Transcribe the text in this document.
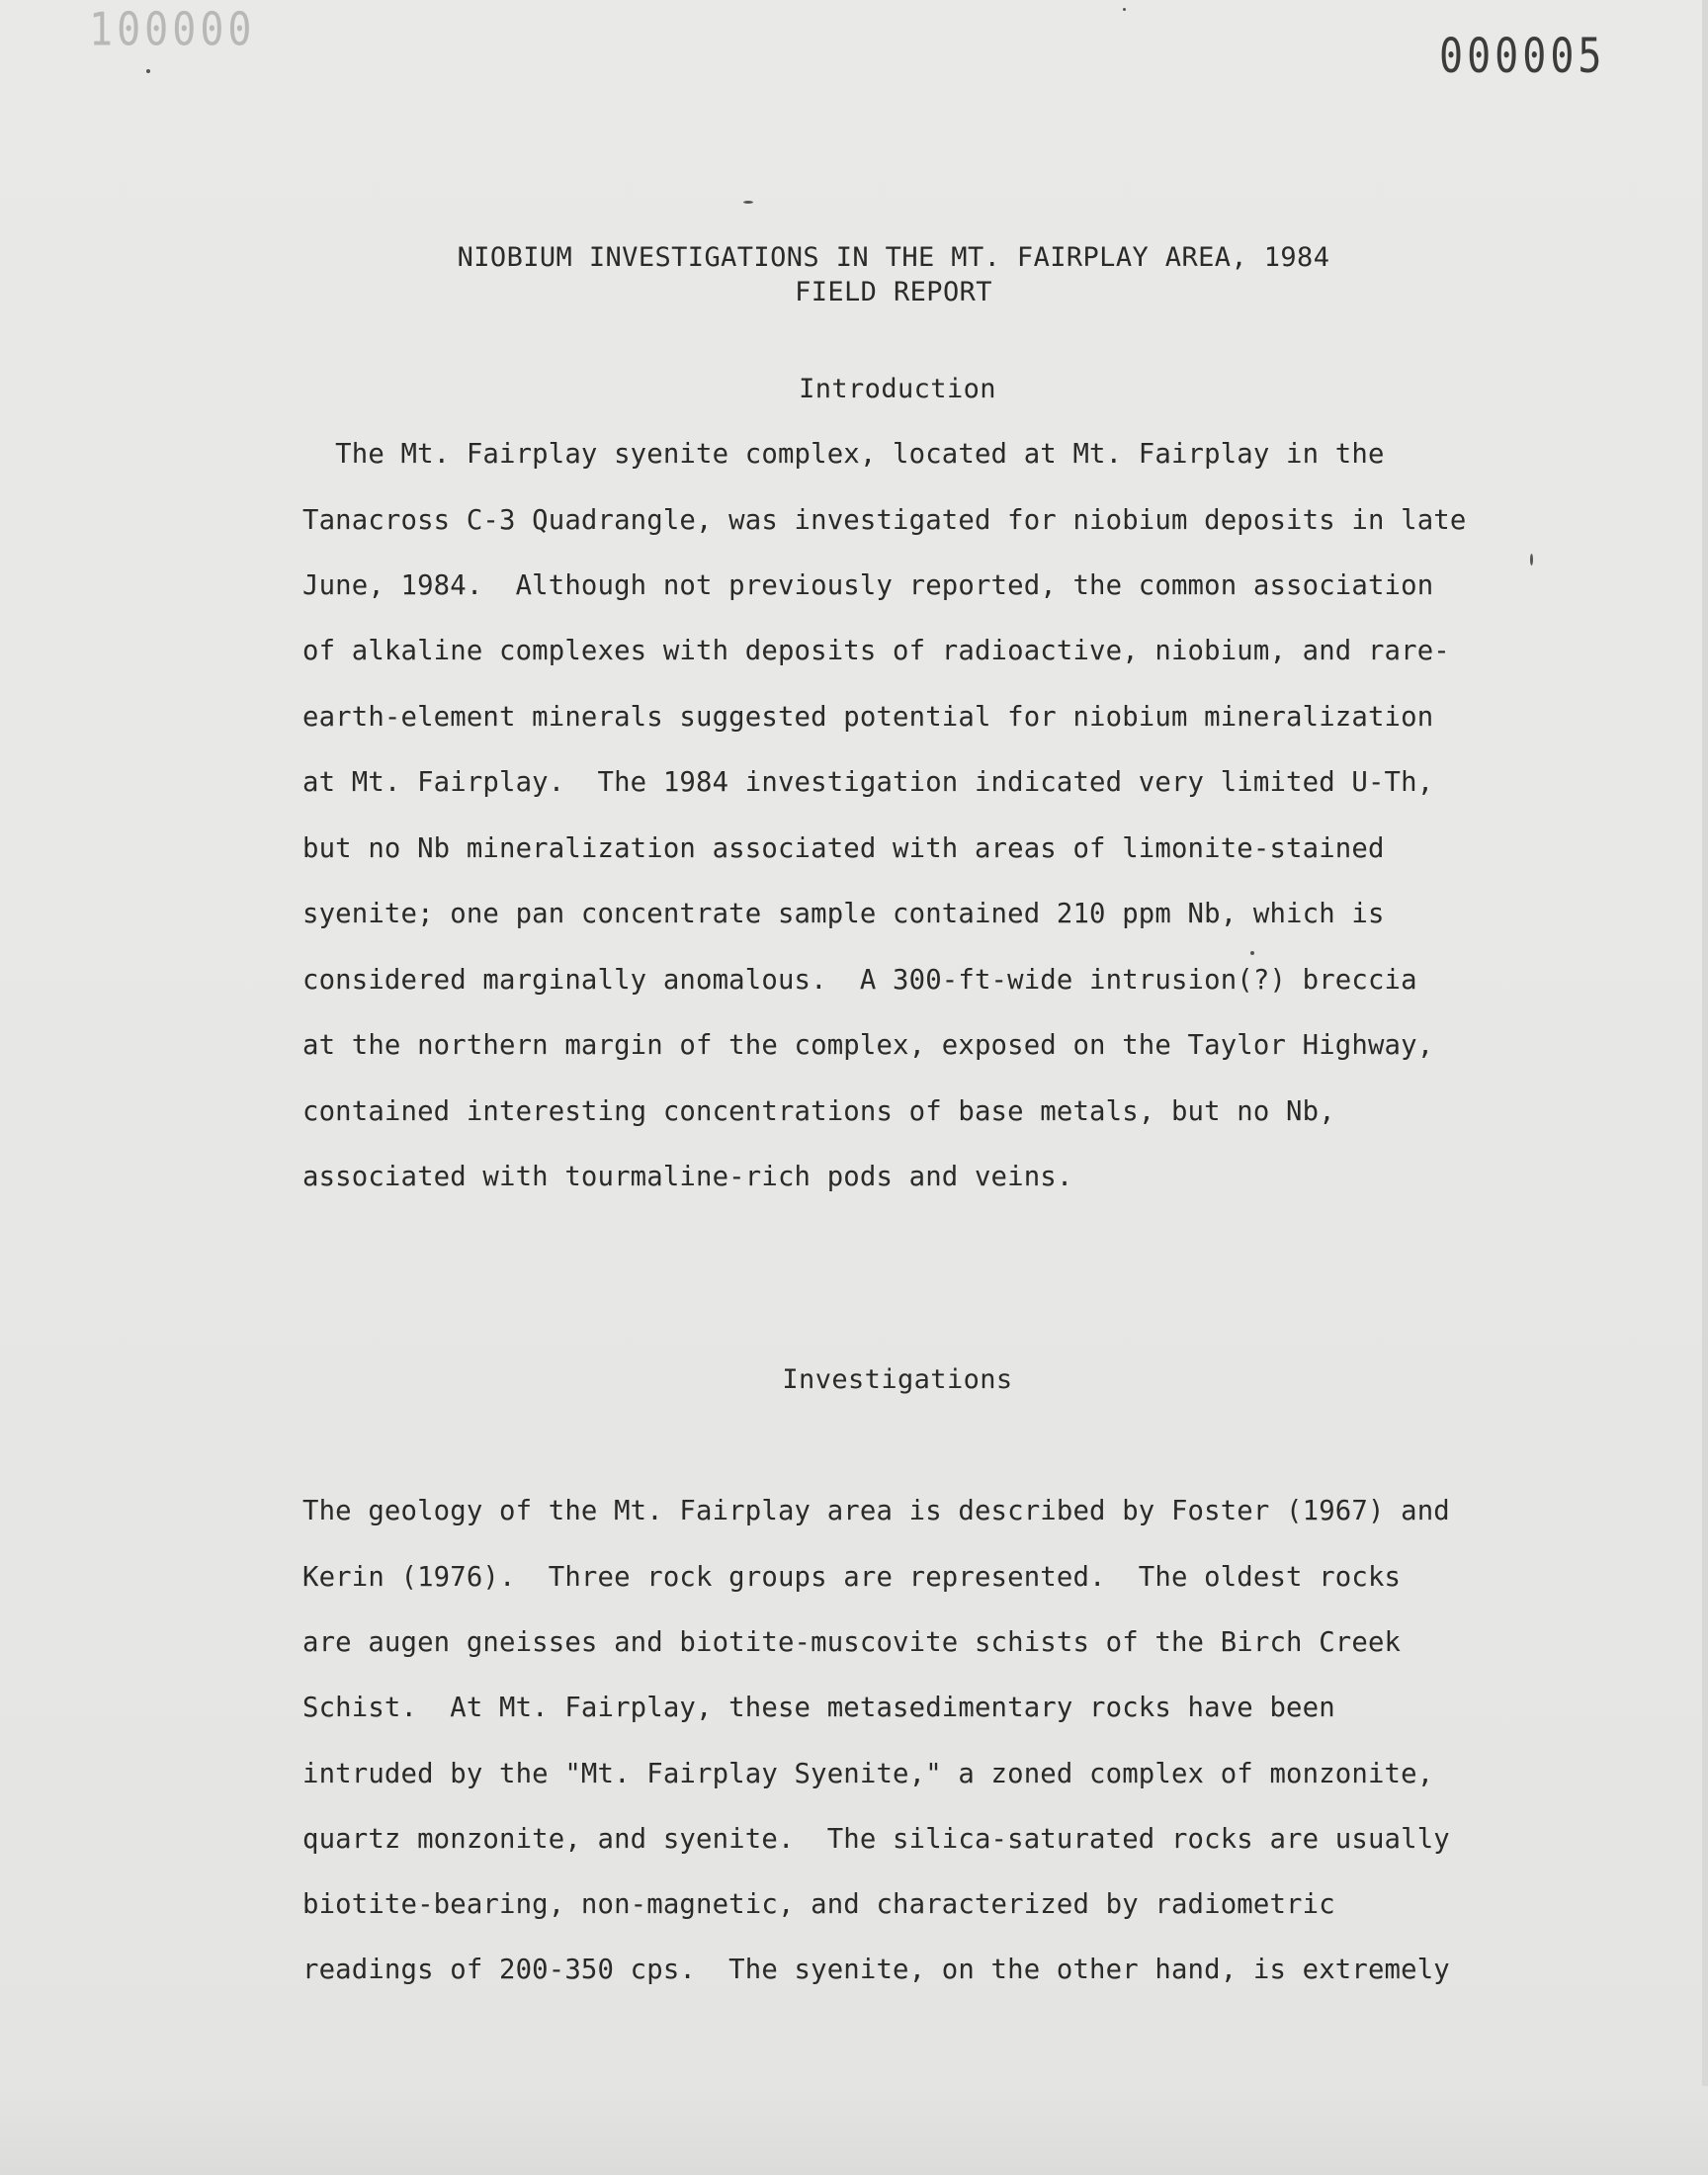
100000	000005
NIOBIUM INVESTIGATIONS IN THE MT. FAIRPLAY AREA, 1984
FIELD REPORT
Introduction
The Mt. Fairplay syenite complex, located at Mt. Fairplay in the
Tanacross C-3 Quadrangle, was investigated for niobium deposits in late
June, 1984.  Although not previously reported, the common association
of alkaline complexes with deposits of radioactive, niobium, and rare-
earth-element minerals suggested potential for niobium mineralization
at Mt. Fairplay.  The 1984 investigation indicated very limited U-Th,
but no Nb mineralization associated with areas of limonite-stained
syenite; one pan concentrate sample contained 210 ppm Nb, which is
considered marginally anomalous.  A 300-ft-wide intrusion(?) breccia
at the northern margin of the complex, exposed on the Taylor Highway,
contained interesting concentrations of base metals, but no Nb,
associated with tourmaline-rich pods and veins.
Investigations
The geology of the Mt. Fairplay area is described by Foster (1967) and
Kerin (1976).  Three rock groups are represented.  The oldest rocks
are augen gneisses and biotite-muscovite schists of the Birch Creek
Schist.  At Mt. Fairplay, these metasedimentary rocks have been
intruded by the "Mt. Fairplay Syenite," a zoned complex of monzonite,
quartz monzonite, and syenite.  The silica-saturated rocks are usually
biotite-bearing, non-magnetic, and characterized by radiometric
readings of 200-350 cps.  The syenite, on the other hand, is extremely
